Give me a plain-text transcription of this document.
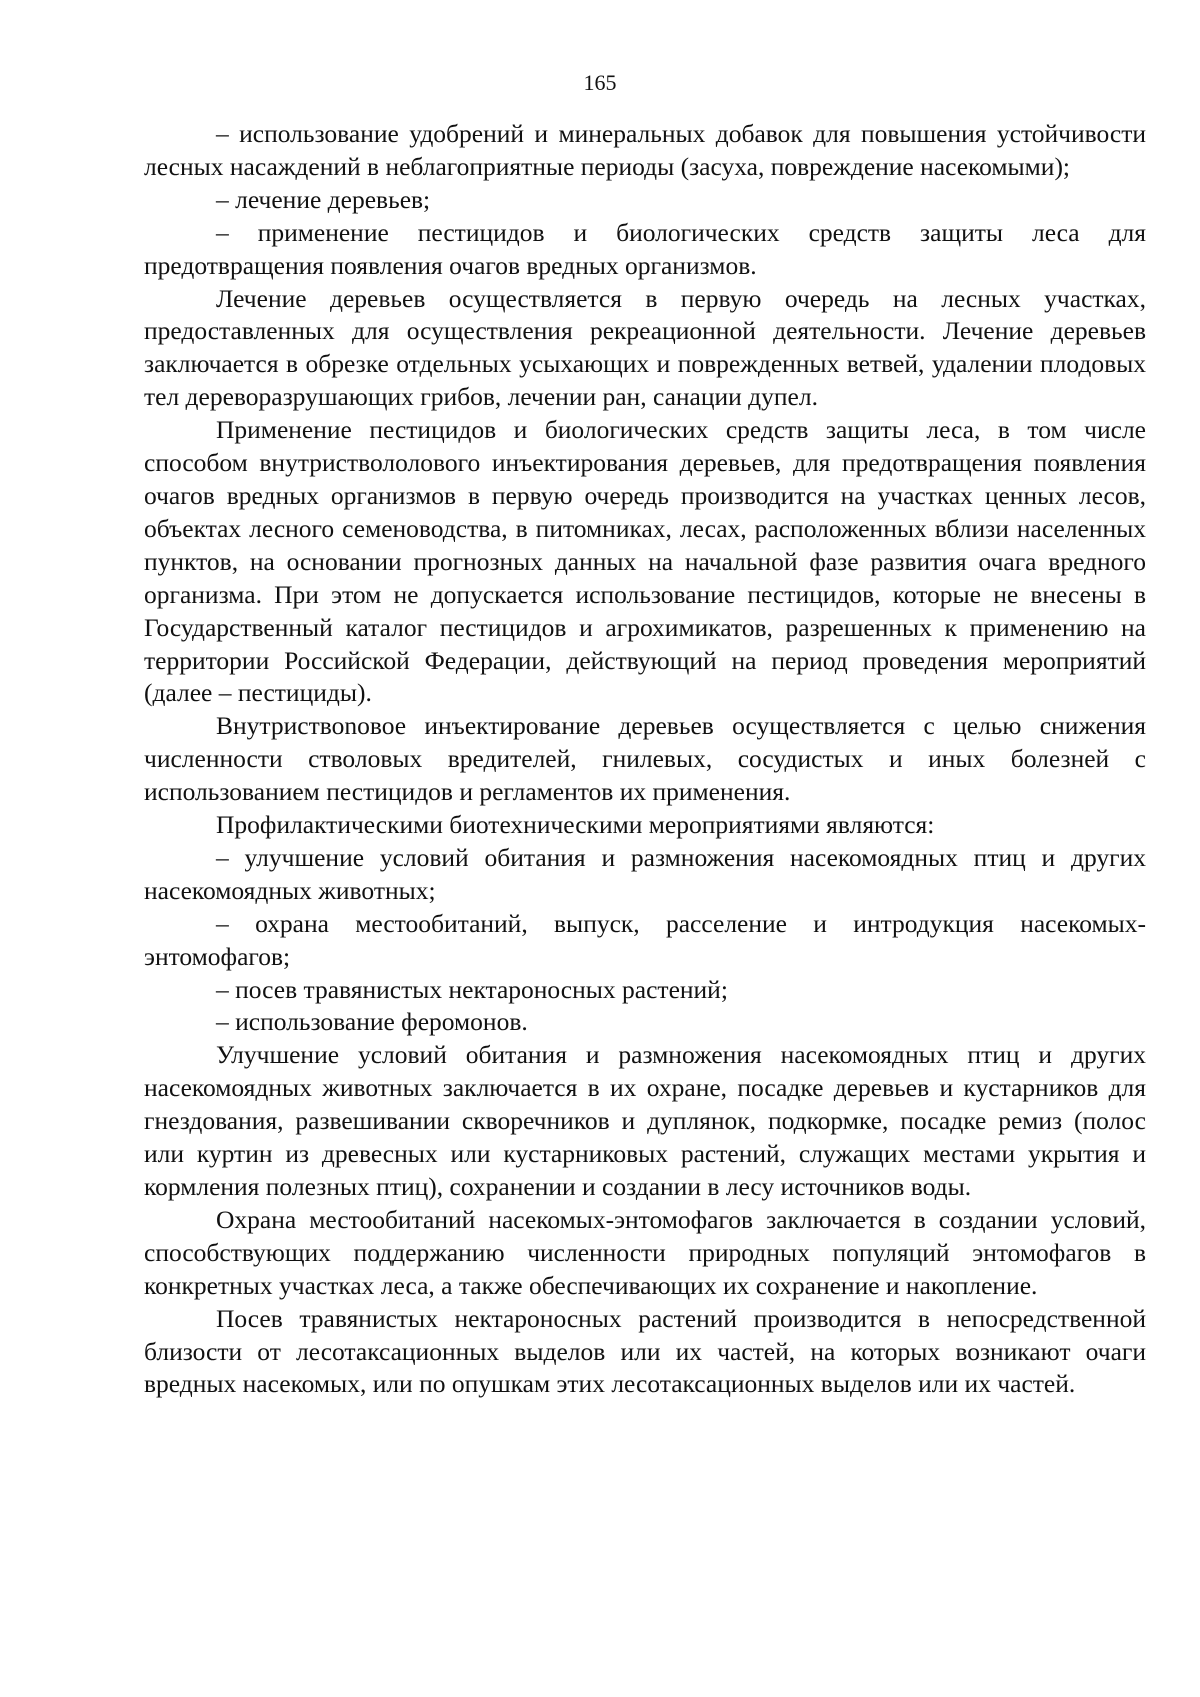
165

– использование удобрений и минеральных добавок для повышения устойчивости лесных насаждений в неблагоприятные периоды (засуха, повреждение насекомыми);

– лечение деревьев;

– применение пестицидов и биологических средств защиты леса для предотвращения появления очагов вредных организмов.

Лечение деревьев осуществляется в первую очередь на лесных участках, предоставленных для осуществления рекреационной деятельности. Лечение деревьев заключается в обрезке отдельных усыхающих и поврежденных ветвей, удалении плодовых тел дереворазрушающих грибов, лечении ран, санации дупел.

Применение пестицидов и биологических средств защиты леса, в том числе способом внутриствололового инъектирования деревьев, для предотвращения появления очагов вредных организмов в первую очередь производится на участках ценных лесов, объектах лесного семеноводства, в питомниках, лесах, расположенных вблизи населенных пунктов, на основании прогнозных данных на начальной фазе развития очага вредного организма. При этом не допускается использование пестицидов, которые не внесены в Государственный каталог пестицидов и агрохимикатов, разрешенных к применению на территории Российской Федерации, действующий на период проведения мероприятий (далее – пестициды).

Внутриствоnовое инъектирование деревьев осуществляется с целью снижения численности стволовых вредителей, гнилевых, сосудистых и иных болезней с использованием пестицидов и регламентов их применения.

Профилактическими биотехническими мероприятиями являются:

– улучшение условий обитания и размножения насекомоядных птиц и других насекомоядных животных;

– охрана местообитаний, выпуск, расселение и интродукция насекомых-энтомофагов;

– посев травянистых нектароносных растений;

– использование феромонов.

Улучшение условий обитания и размножения насекомоядных птиц и других насекомоядных животных заключается в их охране, посадке деревьев и кустарников для гнездования, развешивании скворечников и дуплянок, подкормке, посадке ремиз (полос или куртин из древесных или кустарниковых растений, служащих местами укрытия и кормления полезных птиц), сохранении и создании в лесу источников воды.

Охрана местообитаний насекомых-энтомофагов заключается в создании условий, способствующих поддержанию численности природных популяций энтомофагов в конкретных участках леса, а также обеспечивающих их сохранение и накопление.

Посев травянистых нектароносных растений производится в непосредственной близости от лесотаксационных выделов или их частей, на которых возникают очаги вредных насекомых, или по опушкам этих лесотаксационных выделов или их частей.
